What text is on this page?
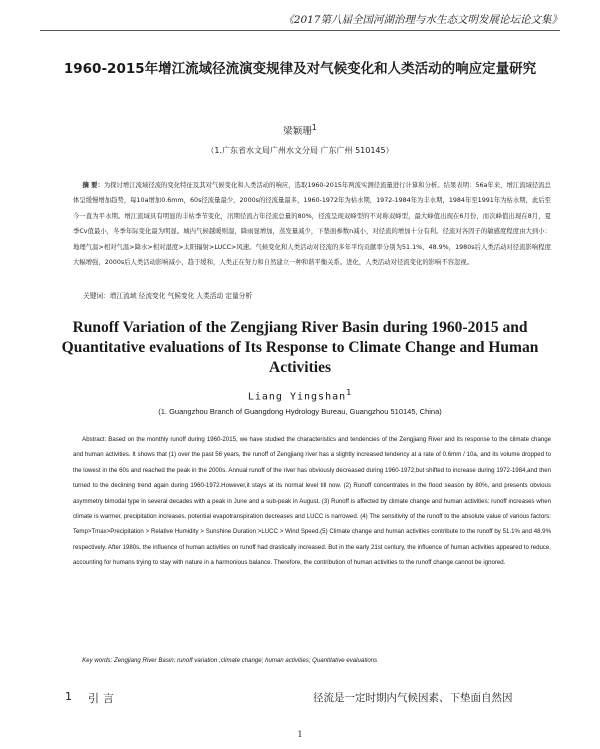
《2017第八届全国河湖治理与水生态文明发展论坛论文集》
1960-2015年增江流域径流演变规律及对气候变化和人类活动的响应定量研究
梁颖珊$^1$
（1.广东省水文局广州水文分局 广东广州 510145）
摘 要：为探讨增江流域径流的变化特征及其对气候变化和人类活动的响应，选取1960-2015年两流实测径流量进行计算和分析。结果表明：56a年来，增江流域径流总体呈缓慢增加趋势，每10a增加0.6mm，60s径流量最少，2000s的径流量最多，1960-1972年为枯水期，1972-1984年为丰水期，1984年至1991年为枯水期，此后至今一直为平水期。增江流域具有明显的丰枯季节变化，汛期径流占年径流总量的80%，径流呈现双峰型的不对称双峰型，最大峰值出现在6月份，而次峰值出现在8月，夏季Cv值最小，冬季年际变化最为明显。城内气候越暖则湿，降雨显增加，蒸发量减少，下垫面参数n减小，对径流的增加十分有利。径流对各因子的敏感度程度由大到小：地理气温>相对气温>降水>相对湿度>太阳辐射>LUCC>风速。气候变化和人类活动对径流的多年平均贡献率分别为51.1%、48.9%，1980s后人类活动对径流影响程度大幅增强，2000s后人类活动影响减小，趋于缓和，人类正在努力和自然建立一种和谐平衡关系。进化，人类活动对径流变化的影响不容忽视。
关键词：增江流域 径流变化 气候变化 人类活动 定量分析
Runoff Variation of the Zengjiang River Basin during 1960-2015 and Quantitative evaluations of Its Response to Climate Change and Human Activities
Liang Yingshan$^1$
(1. Guangzhou Branch of Guangdong Hydrology Bureau, Guangzhou 510145, China)
Abstract: Based on the monthly runoff during 1960-2015, we have studied the characteristics and tendencies of the Zengjiang River and its response to the climate change and human activities. It shows that (1) over the past 56 years, the runoff of Zengjiang river has a slightly increased tendency at a rate of 0.6mm / 10a, and its volume dropped to the lowest in the 60s and reached the peak in the 2000s. Annual runoff of the river has obviously decreased during 1960-1972,but shifted to increase during 1972-1984,and then turned to the declining trend again during 1960-1972.However,it stays at its normal level till now. (2) Runoff concentrates in the flood season by 80%, and presents obvious asymmetry bimodal type in several decades with a peak in June and a sub-peak in August. (3) Runoff is affected by climate change and human activities: runoff increases when climate is warmer, precipitation increases, potential evapotranspiration decreases and LUCC is narrowed. (4) The sensitivity of the runoff to the absolute value of various factors: Temp>Tmax>Precipitation > Relative Humidity > Sunshine Duration >LUCC > Wind Speed.(5) Climate change and human activities contribute to the runoff by 51.1% and 48.9% respectively. After 1980s, the influence of human activities on runoff had drastically increased. But in the early 21st century, the influence of human activities appeared to reduce, accounting for humans trying to stay with nature in a harmonious balance. Therefore, the contribution of human activities to the runoff change cannot be ignored.
Key words: Zengjiang River Basin; runoff variation ;climate change; human activities; Quantitative evaluations
1 引言	径流是一定时期内气候因素、下垫面自然因
1
